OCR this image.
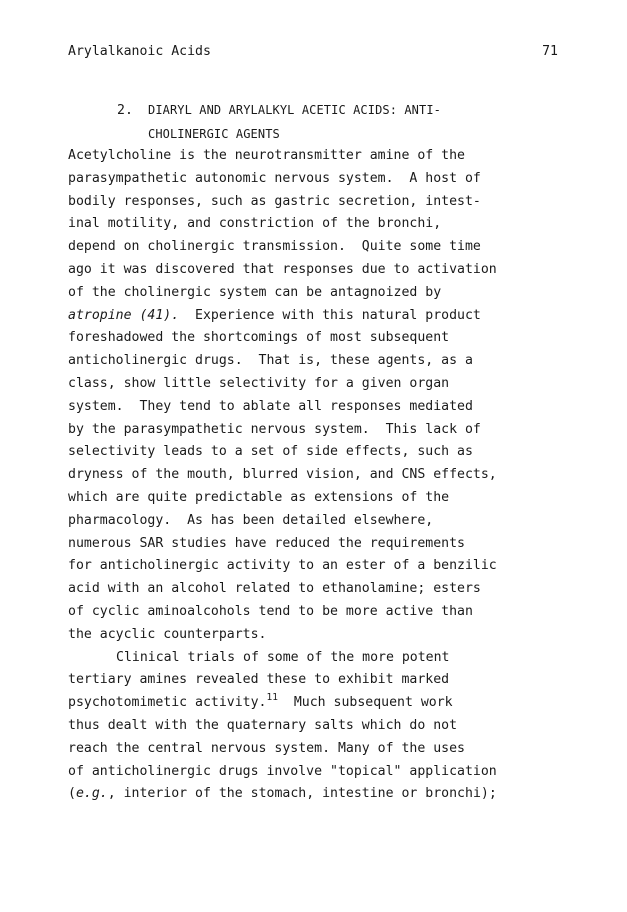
Arylalkanoic Acids	71
2. DIARYL AND ARYLALKYL ACETIC ACIDS: ANTI-
CHOLINERGIC AGENTS
Acetylcholine is the neurotransmitter amine of the
parasympathetic autonomic nervous system.  A host of
bodily responses, such as gastric secretion, intest-
inal motility, and constriction of the bronchi,
depend on cholinergic transmission.  Quite some time
ago it was discovered that responses due to activation
of the cholinergic system can be antagnoized by
atropine (41).  Experience with this natural product
foreshadowed the shortcomings of most subsequent
anticholinergic drugs.  That is, these agents, as a
class, show little selectivity for a given organ
system.  They tend to ablate all responses mediated
by the parasympathetic nervous system.  This lack of
selectivity leads to a set of side effects, such as
dryness of the mouth, blurred vision, and CNS effects,
which are quite predictable as extensions of the
pharmacology.  As has been detailed elsewhere,
numerous SAR studies have reduced the requirements
for anticholinergic activity to an ester of a benzilic
acid with an alcohol related to ethanolamine; esters
of cyclic aminoalcohols tend to be more active than
the acyclic counterparts.
Clinical trials of some of the more potent
tertiary amines revealed these to exhibit marked
psychotomimetic activity.$^{11}$  Much subsequent work
thus dealt with the quaternary salts which do not
reach the central nervous system. Many of the uses
of anticholinergic drugs involve "topical" application
(e.g., interior of the stomach, intestine or bronchi);
